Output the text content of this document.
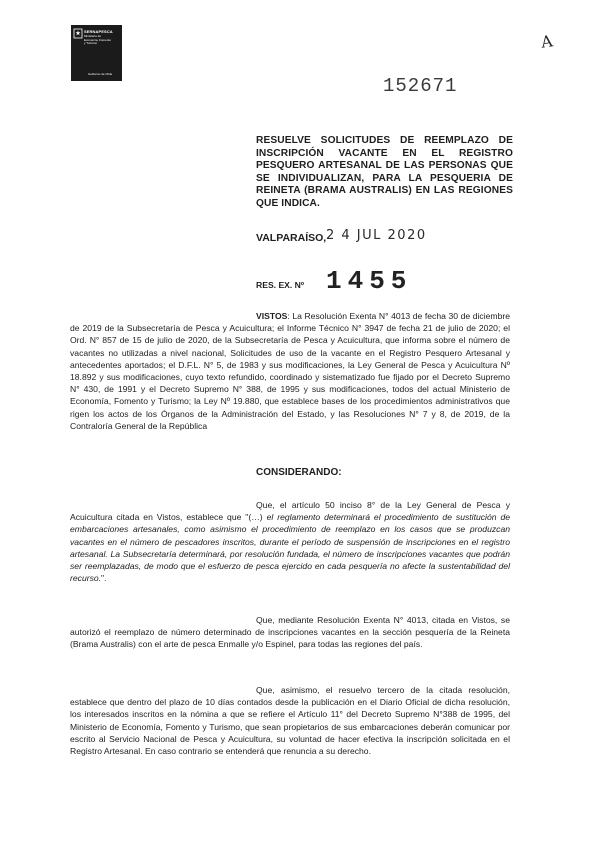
SERNAPESCA
Ministerio de
Economía, Fomento
y Turismo
Gobierno de Chile
A
152671
RESUELVE SOLICITUDES DE REEMPLAZO DE INSCRIPCIÓN VACANTE EN EL REGISTRO PESQUERO ARTESANAL DE LAS PERSONAS QUE SE INDIVIDUALIZAN, PARA LA PESQUERIA DE REINETA (BRAMA AUSTRALIS) EN LAS REGIONES QUE INDICA.
VALPARAÍSO, 2 4 JUL 2020
RES. EX. Nº 1455

VISTOS: La Resolución Exenta N° 4013 de fecha 30 de diciembre de 2019 de la Subsecretaría de Pesca y Acuicultura; el Informe Técnico N° 3947 de fecha 21 de julio de 2020; el Ord. N° 857 de 15 de julio de 2020, de la Subsecretaría de Pesca y Acuicultura, que informa sobre el número de vacantes no utilizadas a nivel nacional, Solicitudes de uso de la vacante en el Registro Pesquero Artesanal y antecedentes aportados; el D.F.L. N° 5, de 1983 y sus modificaciones, la Ley General de Pesca y Acuicultura Nº 18.892 y sus modificaciones, cuyo texto refundido, coordinado y sistematizado fue fijado por el Decreto Supremo N° 430, de 1991 y el Decreto Supremo N° 388, de 1995 y sus modificaciones, todos del actual Ministerio de Economía, Fomento y Turismo; la Ley Nº 19.880, que establece bases de los procedimientos administrativos que rigen los actos de los Órganos de la Administración del Estado, y las Resoluciones N° 7 y 8, de 2019, de la Contraloría General de la República

CONSIDERANDO:

Que, el artículo 50 inciso 8° de la Ley General de Pesca y Acuicultura citada en Vistos, establece que "(…) el reglamento determinará el procedimiento de sustitución de embarcaciones artesanales, como asimismo el procedimiento de reemplazo en los casos que se produzcan vacantes en el número de pescadores inscritos, durante el período de suspensión de inscripciones en el registro artesanal. La Subsecretaría determinará, por resolución fundada, el número de inscripciones vacantes que podrán ser reemplazadas, de modo que el esfuerzo de pesca ejercido en cada pesquería no afecte la sustentabilidad del recurso.".

Que, mediante Resolución Exenta N° 4013, citada en Vistos, se autorizó el reemplazo de número determinado de inscripciones vacantes en la sección pesquería de la Reineta (Brama Australis) con el arte de pesca Enmalle y/o Espinel, para todas las regiones del país.

Que, asimismo, el resuelvo tercero de la citada resolución, establece que dentro del plazo de 10 días contados desde la publicación en el Diario Oficial de dicha resolución, los interesados inscritos en la nómina a que se refiere el Artículo 11° del Decreto Supremo N°388 de 1995, del Ministerio de Economía, Fomento y Turismo, que sean propietarios de sus embarcaciones deberán comunicar por escrito al Servicio Nacional de Pesca y Acuicultura, su voluntad de hacer efectiva la inscripción solicitada en el Registro Artesanal. En caso contrario se entenderá que renuncia a su derecho.
